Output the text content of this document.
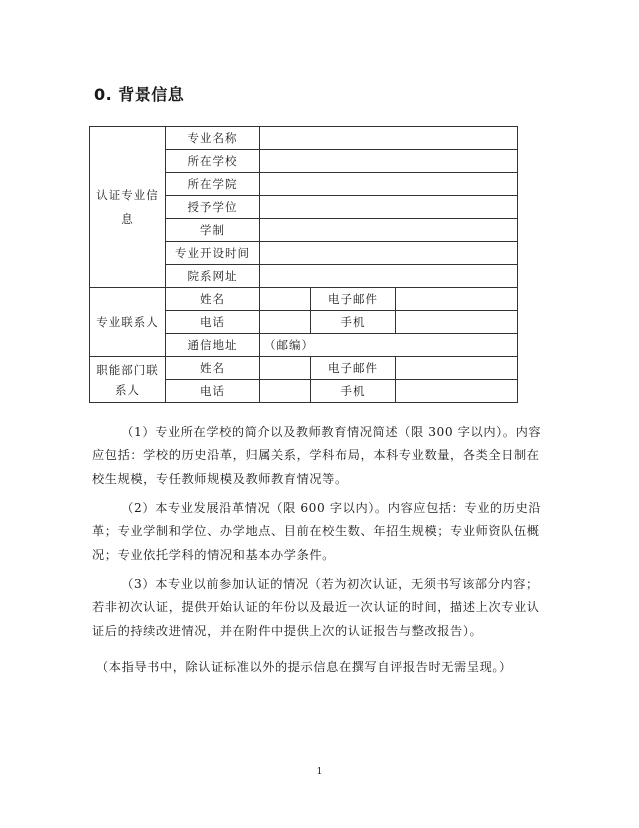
0. 背景信息
认证专业信息	专业名称			
	所在学校			
	所在学院			
	授予学位			
	学制			
	专业开设时间			
	院系网址			
专业联系人	姓名		电子邮件	
	电话		手机	
	通信地址	（邮编）		
职能部门联系人	姓名		电子邮件	
	电话		手机	
（1）专业所在学校的简介以及教师教育情况简述（限 300 字以内）。内容应包括：学校的历史沿革，归属关系，学科布局，本科专业数量，各类全日制在校生规模，专任教师规模及教师教育情况等。
（2）本专业发展沿革情况（限 600 字以内）。内容应包括：专业的历史沿革；专业学制和学位、办学地点、目前在校生数、年招生规模；专业师资队伍概况；专业依托学科的情况和基本办学条件。
（3）本专业以前参加认证的情况（若为初次认证，无须书写该部分内容；若非初次认证，提供开始认证的年份以及最近一次认证的时间，描述上次专业认证后的持续改进情况，并在附件中提供上次的认证报告与整改报告）。
（本指导书中，除认证标准以外的提示信息在撰写自评报告时无需呈现。）
1
